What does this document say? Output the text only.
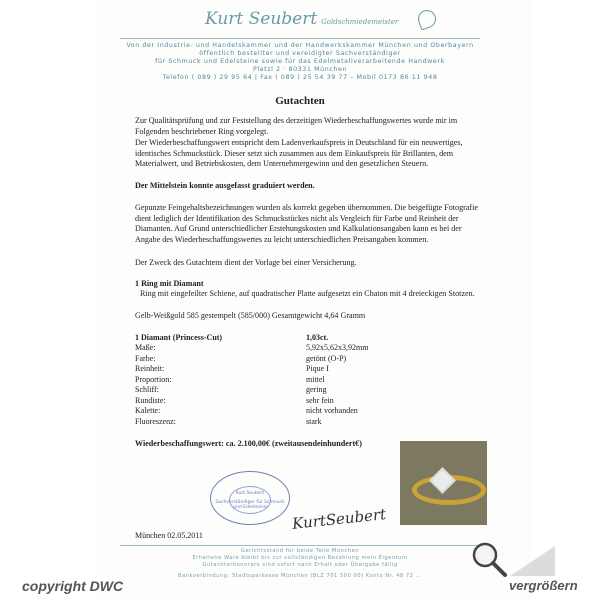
Kurt Seubert Goldschmiedemeister
Von der Industrie- und Handelskammer und der Handwerkskammer München und Oberbayern
öffentlich bestellter und vereidigter Sachverständiger
für Schmuck und Edelsteine sowie für das Edelmetallverarbeitende Handwerk
Platzl 2 · 80331 München
Telefon ( 089 ) 29 95 64 | Fax ( 089 ) 25 54 39 77 – Mobil 0173 86 11 948
Gutachten
Zur Qualitätsprüfung und zur Feststellung des derzeitigen Wiederbeschaffungswertes wurde mir im Folgenden beschriebener Ring vorgelegt.
Der Wiederbeschaffungswert entspricht dem Ladenverkaufspreis in Deutschland für ein neuwertiges, identisches Schmuckstück. Dieser setzt sich zusammen aus dem Einkaufspreis für Brillanten, dem Materialwert, und Betriebskosten, dem Unternehmergewinn und den gesetzlichen Steuern.
Der Mittelstein konnte ausgefasst graduiert werden.
Gepunzte Feingehaltsbezeichnungen wurden als korrekt gegeben übernommen. Die beigefügte Fotografie dient lediglich der Identifikation des Schmuckstückes nicht als Vergleich für Farbe und Reinheit der Diamanten. Auf Grund unterschiedlicher Erstehungskosten und Kalkulationsangaben kann es bei der Angabe des Wiederbeschaffungswertes zu leicht unterschiedlichen Preisangaben kommen.
Der Zweck des Gutachtens dient der Vorlage bei einer Versicherung.
1 Ring mit Diamant
Ring mit eingefeilter Schiene, auf quadratischer Platte aufgesetzt ein Chaton mit 4 dreieckigen Stotzen.
Gelb-Weißgold 585 gestempelt (585/000) Gesamtgewicht 4,64 Gramm
1 Diamant (Princess-Cut)	1,03ct.
Maße:	5,92x5,62x3,92mm
Farbe:	getönt (O-P)
Reinheit:	Pique I
Proportion:	mittel
Schliff:	gering
Rundiste:	sehr fein
Kalette:	nicht vorhanden
Fluoreszenz:	stark
Wiederbeschaffungswert: ca. 2.100,00€ (zweitausendeinhundert€)
Kurt Seubert
Sachverständiger für Schmuck und Edelsteine	KurtSeubert
München 02.05.2011
Gerichtsstand für beide Teile München
Erhaltene Ware bleibt bis zur vollständigen Bezahlung mein Eigentum
Gutachterhonorare sind sofort nach Erhalt oder Übergabe fällig
Bankverbindung: Stadtsparkasse München (BLZ 701 500 00) Konto Nr. 48 72 ...
copyright DWC	vergrößern
